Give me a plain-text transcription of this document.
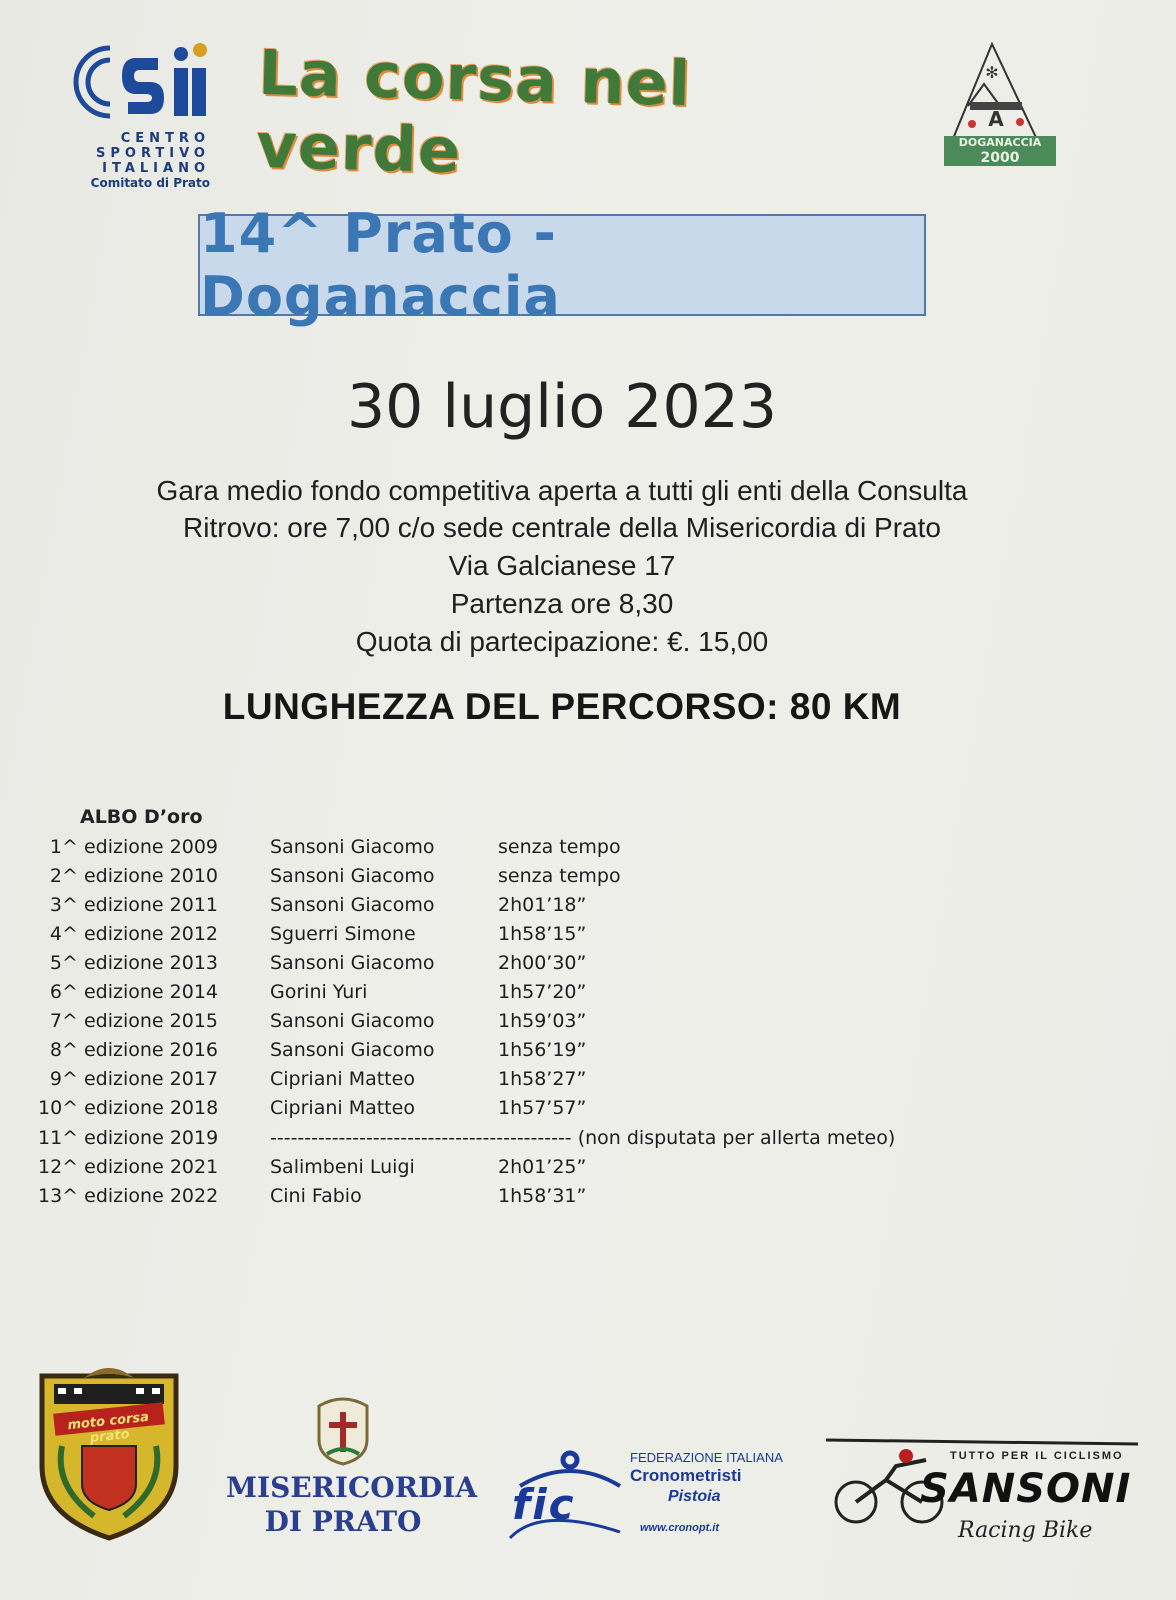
CENTRO
SPORTIVO
ITALIANO
Comitato di Prato
La corsa nel verde
✻
A
DOGANACCIA
2000
14^ Prato - Doganaccia
30 luglio 2023
Gara medio fondo competitiva aperta a tutti gli enti della Consulta
Ritrovo: ore 7,00 c/o sede centrale della Misericordia di Prato
Via Galcianese 17
Partenza ore 8,30
Quota di partecipazione: €. 15,00
LUNGHEZZA DEL PERCORSO: 80 KM
ALBO D’oro
1^ edizione 2009	Sansoni Giacomo	senza tempo
2^ edizione 2010	Sansoni Giacomo	senza tempo
3^ edizione 2011	Sansoni Giacomo	2h01’18”
4^ edizione 2012	Sguerri Simone	1h58’15”
5^ edizione 2013	Sansoni Giacomo	2h00’30”
6^ edizione 2014	Gorini Yuri	1h57’20”
7^ edizione 2015	Sansoni Giacomo	1h59’03”
8^ edizione 2016	Sansoni Giacomo	1h56’19”
9^ edizione 2017	Cipriani Matteo	1h58’27”
10^ edizione 2018	Cipriani Matteo	1h57’57”
11^ edizione 2019	-------------------------------------------- (non disputata per allerta meteo)
12^ edizione 2021	Salimbeni Luigi	2h01’25”
13^ edizione 2022	Cini Fabio	1h58’31”
moto corsa prato
MISERICORDIA
DI PRATO	fic
FEDERAZIONE ITALIANA
Cronometristi
Pistoia
www.cronopt.it
TUTTO PER IL CICLISMO
SANSONI
Racing Bike
